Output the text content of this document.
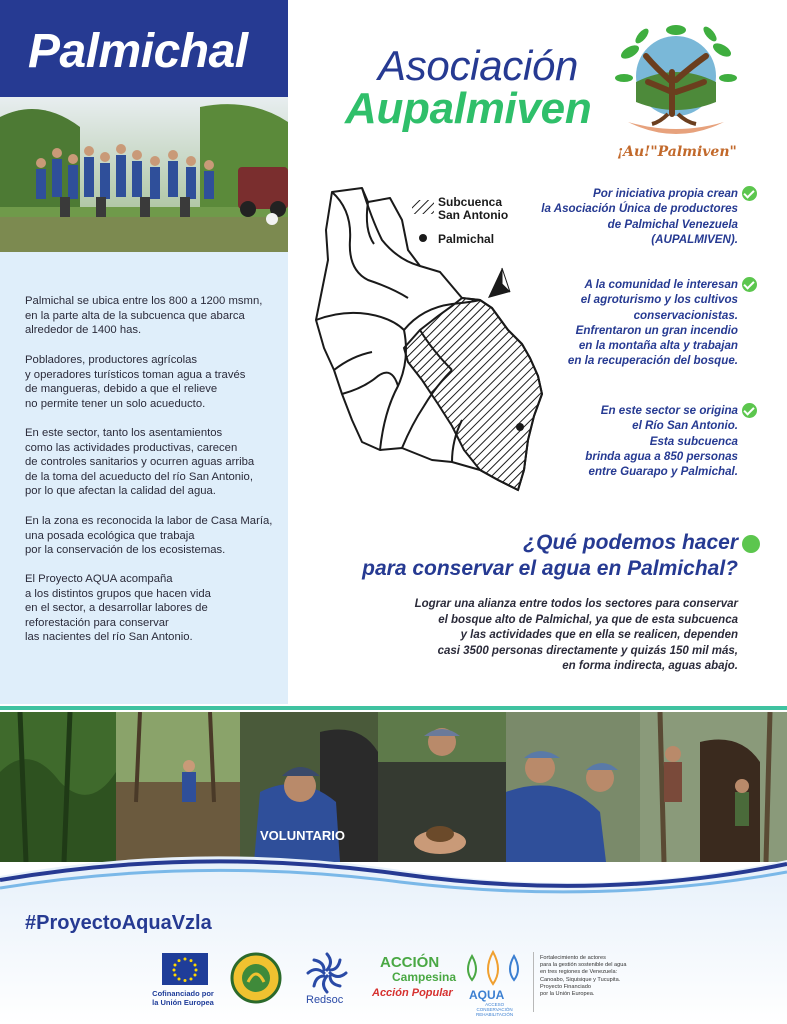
Palmichal

Palmichal se ubica entre los 800 a 1200 msmn,
en la parte alta de la subcuenca que abarca
alrededor de 1400 has.

Pobladores, productores agrícolas
y operadores turísticos toman agua a través
de mangueras, debido a que el relieve
no permite tener un solo acueducto.

En este sector, tanto los asentamientos
como las actividades productivas, carecen
de controles sanitarios y ocurren aguas arriba
de la toma del acueducto del río San Antonio,
por lo que afectan la calidad del agua.

En la zona es reconocida la labor de Casa María,
una posada ecológica que trabaja
por la conservación de los ecosistemas.

El Proyecto AQUA acompaña
a los distintos grupos que hacen vida
en el sector, a desarrollar labores de
reforestación para conservar
las nacientes del río San Antonio.

Asociación
Aupalmiven
¡Au!"Palmiven"
Subcuenca
San Antonio
Palmichal
Por iniciativa propia crean
la Asociación Única de productores
de Palmichal Venezuela
(AUPALMIVEN).
A la comunidad le interesan
el agroturismo y los cultivos
conservacionistas.
Enfrentaron un gran incendio
en la montaña alta y trabajan
en la recuperación del bosque.
En este sector se origina
el Río San Antonio.
Esta subcuenca
brinda agua a 850 personas
entre Guarapo y Palmichal.
¿Qué podemos hacer
para conservar el agua en Palmichal?
Lograr una alianza entre todos los sectores para conservar
el bosque alto de Palmichal, ya que de esta subcuenca
y las actividades que en ella se realicen, dependen
casi 3500 personas directamente y quizás 150 mil más,
en forma indirecta, aguas abajo.
VOLUNTARIO
#ProyectoAquaVzla
Cofinanciado por
la Unión Europea	Redsoc
ACCIÓN
Campesina
Acción Popular AQUA
ACCESO
CONSERVACIÓN
REHABILITACIÓN
Fortalecimiento de actores
para la gestión sostenible del agua
en tres regiones de Venezuela:
Canoabo, Siquisique y Tucupita.
Proyecto Financiado
por la Unión Europea.
